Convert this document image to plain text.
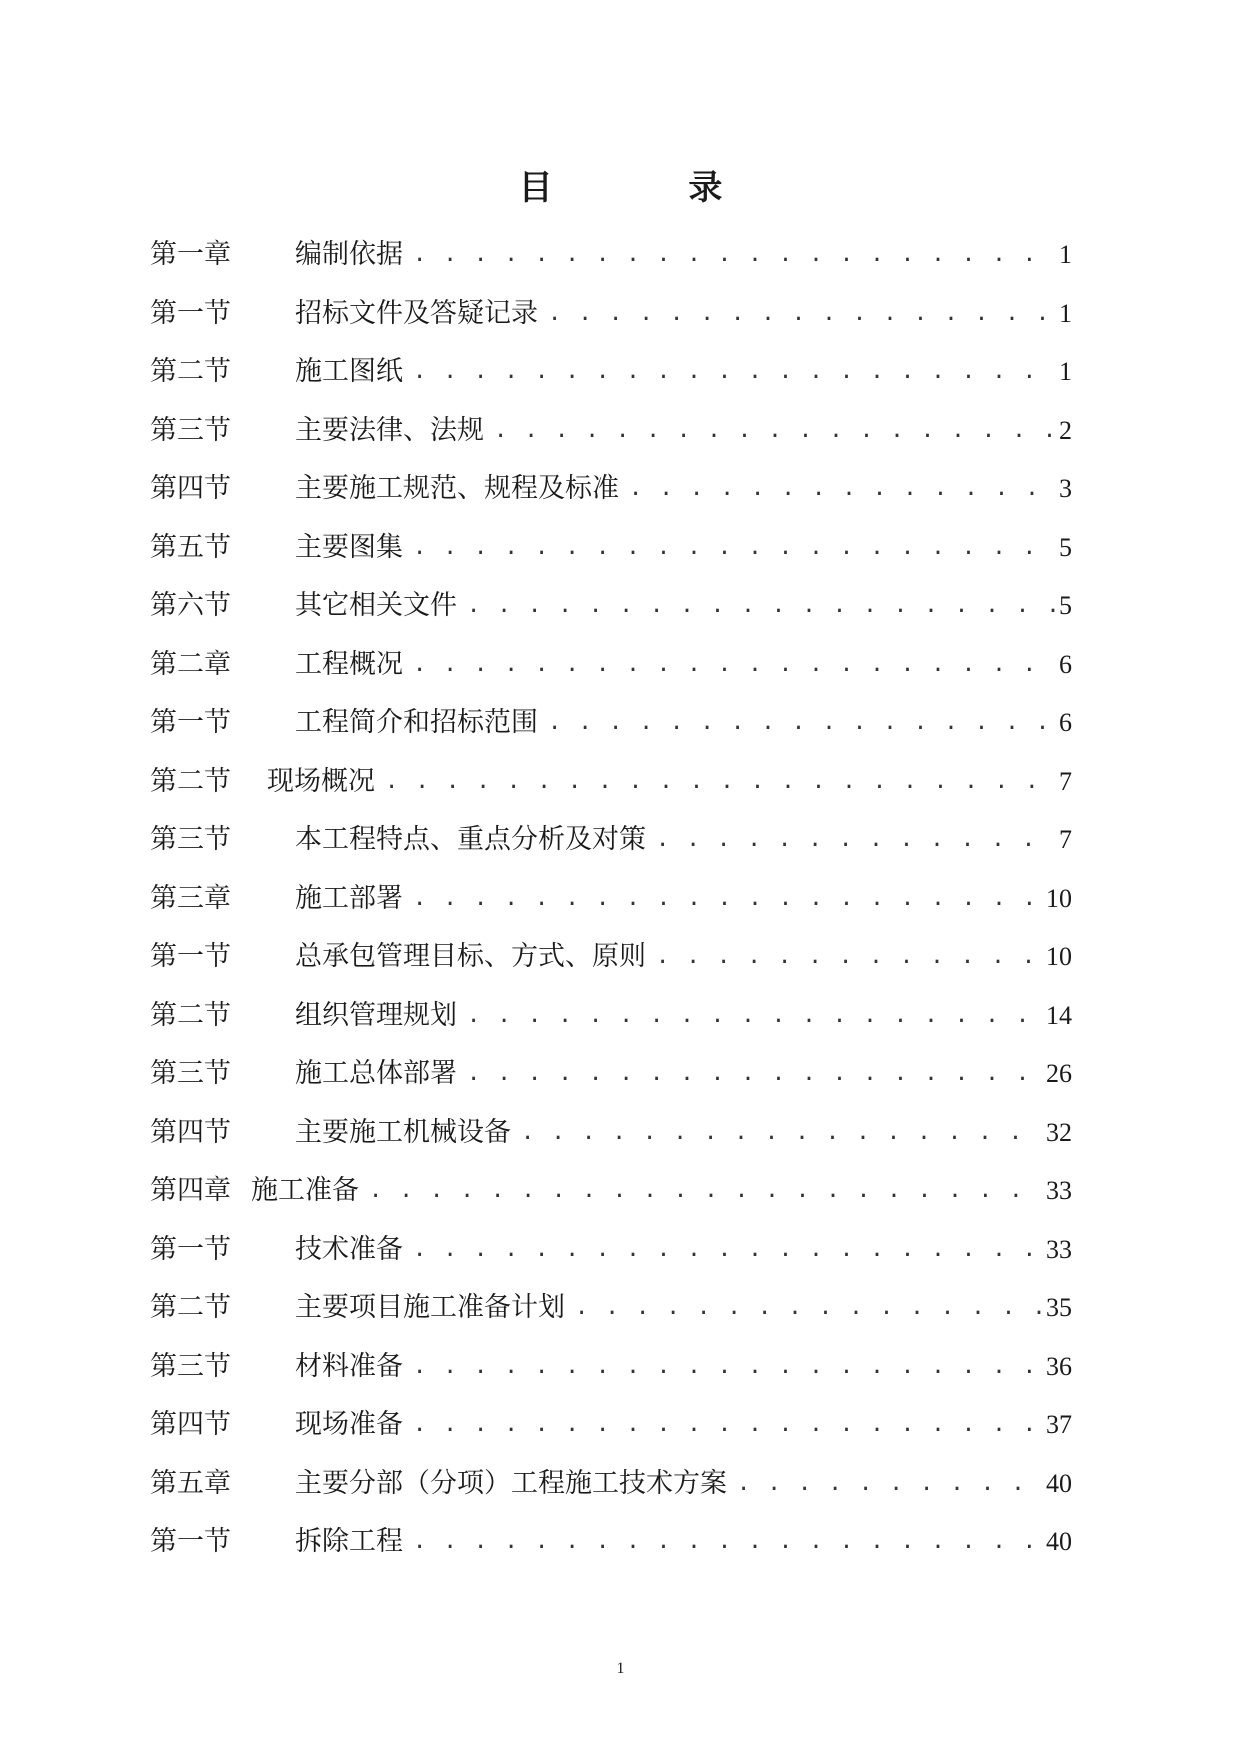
目 录
第一章	编制依据 . . .	1
第一节	招标文件及答疑记录 . . .	1
第二节	施工图纸 . . .	1
第三节	主要法律、法规 . . .	2
第四节	主要施工规范、规程及标准 . . .	3
第五节	主要图集 . . .	5
第六节	其它相关文件 . . .	5
第二章	工程概况 . . .	6
第一节	工程简介和招标范围 . . .	6
第二节	现场概况 . . .	7
第三节	本工程特点、重点分析及对策 . . .	7
第三章	施工部署 . . .	10
第一节	总承包管理目标、方式、原则 . . .	10
第二节	组织管理规划 . . .	14
第三节	施工总体部署 . . .	26
第四节	主要施工机械设备 . . .	32
第四章 施工准备 . . .	33
第一节	技术准备 . . .	33
第二节	主要项目施工准备计划 . . .	35
第三节	材料准备 . . .	36
第四节	现场准备 . . .	37
第五章	主要分部（分项）工程施工技术方案 . . .	40
第一节	拆除工程 . . .	40
1
